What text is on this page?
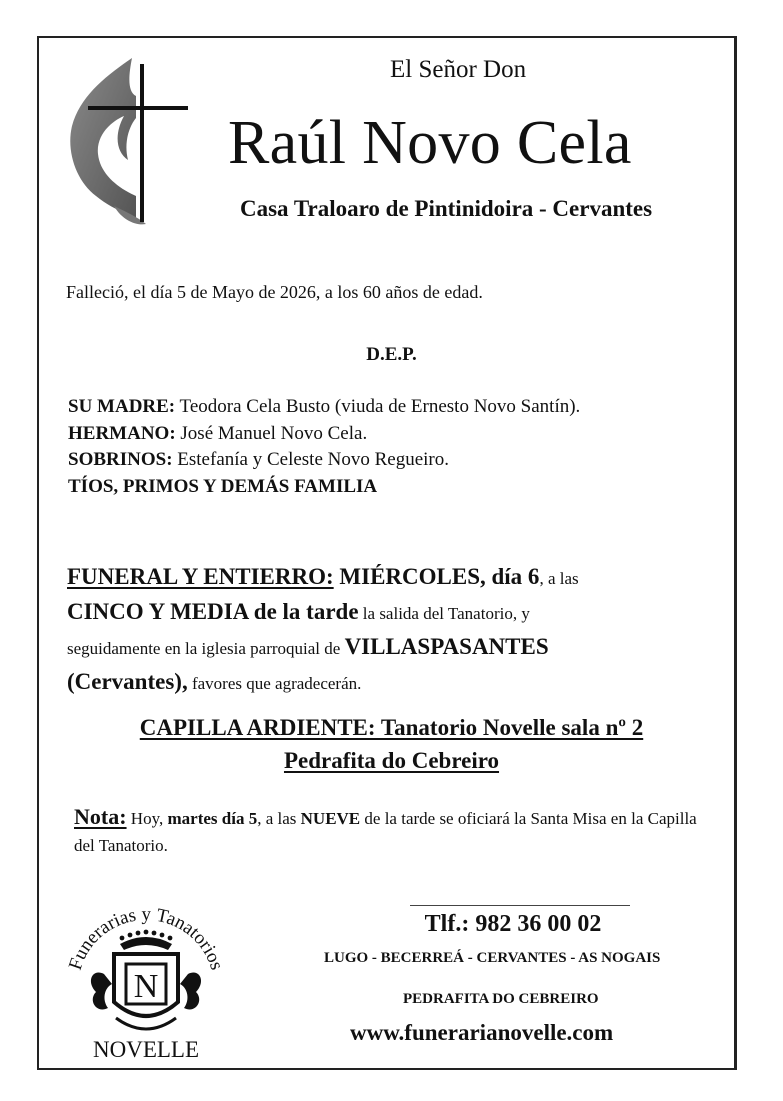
El Señor Don
Raúl Novo Cela
Casa Traloaro de Pintinidoira - Cervantes
Falleció, el día 5 de Mayo de 2026, a los 60 años de edad.
D.E.P.
SU MADRE: Teodora Cela Busto (viuda de Ernesto Novo Santín).
HERMANO: José Manuel Novo Cela.
SOBRINOS: Estefanía y Celeste Novo Regueiro.
TÍOS, PRIMOS Y DEMÁS FAMILIA
FUNERAL Y ENTIERRO: MIÉRCOLES, día 6, a las
CINCO Y MEDIA de la tarde la salida del Tanatorio, y
seguidamente en la iglesia parroquial de VILLASPASANTES
(Cervantes), favores que agradecerán.
CAPILLA ARDIENTE: Tanatorio Novelle sala nº 2
Pedrafita do Cebreiro
Nota: Hoy, martes día 5, a las NUEVE de la tarde se oficiará la Santa Misa en la Capilla del Tanatorio.
Funerarias y Tanatorios
N
NOVELLE
Tlf.: 982 36 00 02
LUGO - BECERREÁ - CERVANTES - AS NOGAIS
PEDRAFITA DO CEBREIRO
www.funerarianovelle.com
